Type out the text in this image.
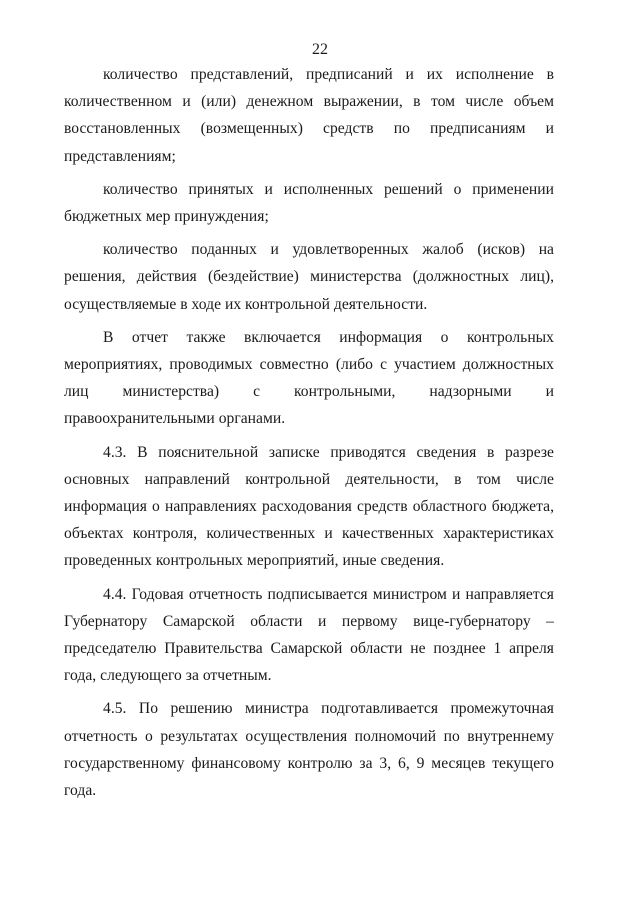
22

количество представлений, предписаний и их исполнение в количественном и (или) денежном выражении, в том числе объем восстановленных (возмещенных) средств по предписаниям и представлениям;

количество принятых и исполненных решений о применении бюджетных мер принуждения;

количество поданных и удовлетворенных жалоб (исков) на решения, действия (бездействие) министерства (должностных лиц), осуществляемые в ходе их контрольной деятельности.

В отчет также включается информация о контрольных мероприятиях, проводимых совместно (либо с участием должностных лиц министерства) с контрольными, надзорными и правоохранительными органами.

4.3. В пояснительной записке приводятся сведения в разрезе основных направлений контрольной деятельности, в том числе информация о направлениях расходования средств областного бюджета, объектах контроля, количественных и качественных характеристиках проведенных контрольных мероприятий, иные сведения.

4.4. Годовая отчетность подписывается министром и направляется Губернатору Самарской области и первому вице-губернатору – председателю Правительства Самарской области не позднее 1 апреля года, следующего за отчетным.

4.5. По решению министра подготавливается промежуточная отчетность о результатах осуществления полномочий по внутреннему государственному финансовому контролю за 3, 6, 9 месяцев текущего года.
